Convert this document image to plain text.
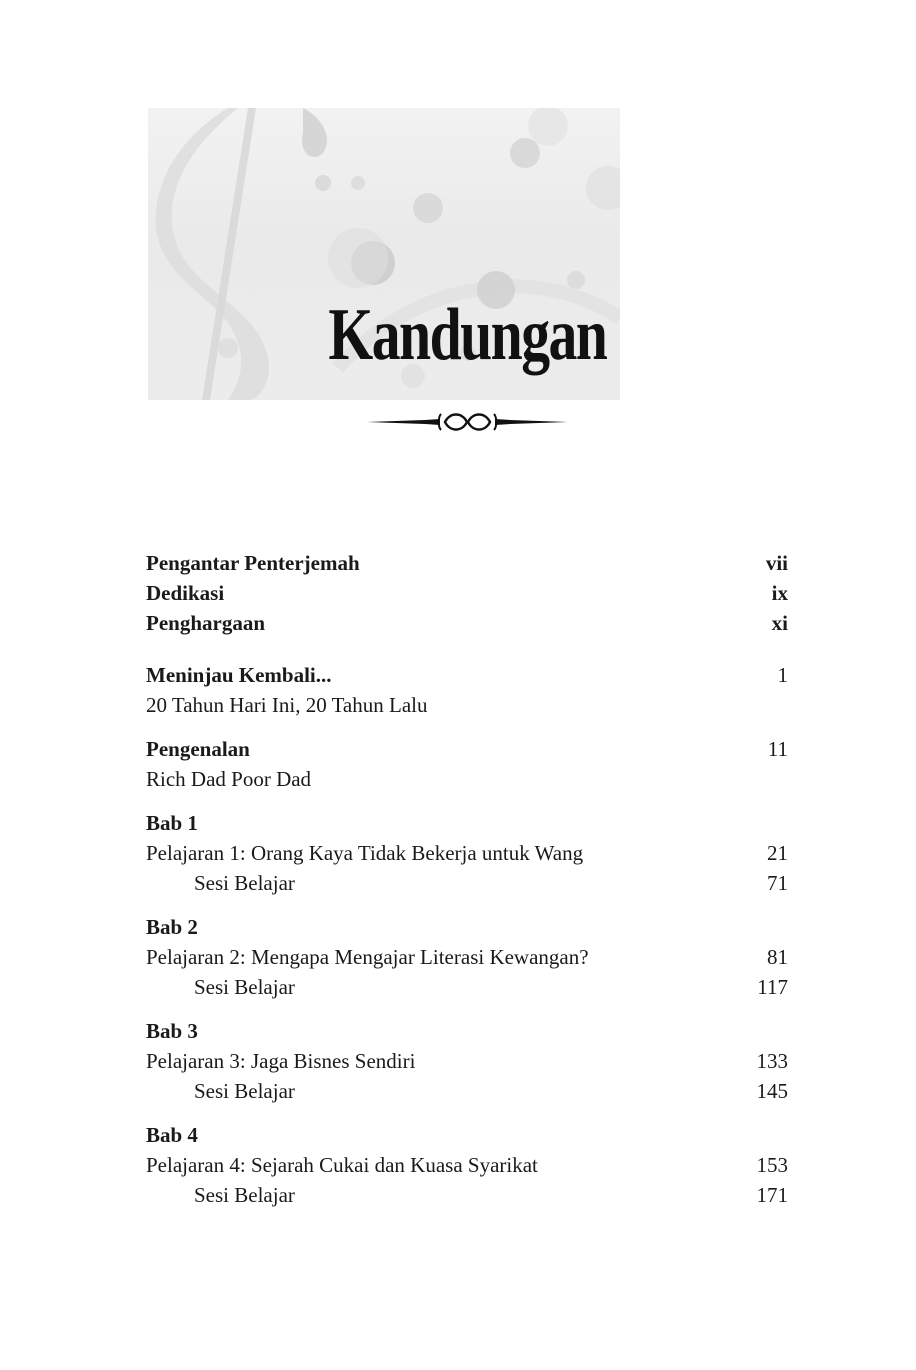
Kandungan
Pengantar Penterjemah	vii
Dedikasi	ix
Penghargaan	xi
Meninjau Kembali...	1
20 Tahun Hari Ini, 20 Tahun Lalu
Pengenalan	11
Rich Dad Poor Dad
Bab 1
Pelajaran 1: Orang Kaya Tidak Bekerja untuk Wang	21
Sesi Belajar	71
Bab 2
Pelajaran 2: Mengapa Mengajar Literasi Kewangan?	81
Sesi Belajar	117
Bab 3
Pelajaran 3: Jaga Bisnes Sendiri	133
Sesi Belajar	145
Bab 4
Pelajaran 4: Sejarah Cukai dan Kuasa Syarikat	153
Sesi Belajar	171
